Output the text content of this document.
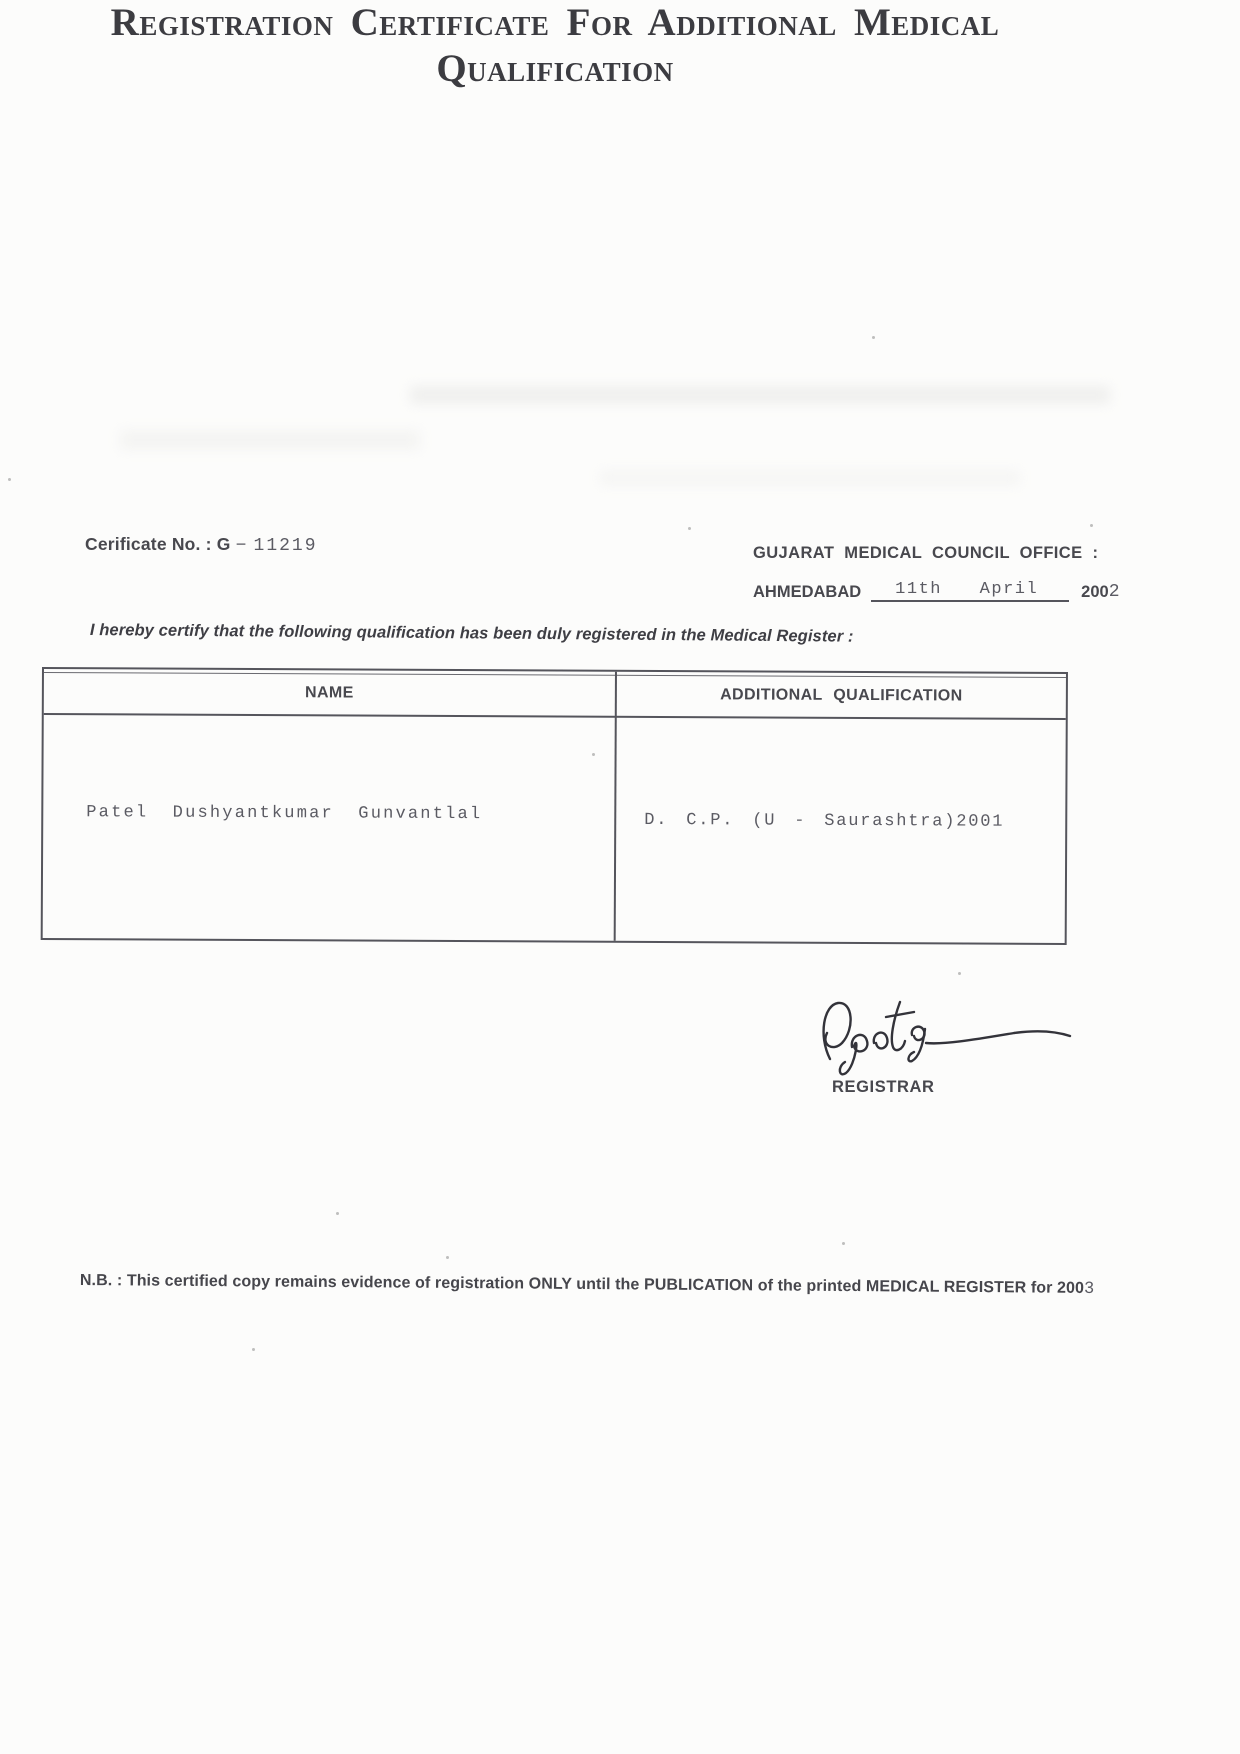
Registration Certificate For Additional Medical
Qualification
Cerificate No. : G − 11219	GUJARAT MEDICAL COUNCIL OFFICE :
AHMEDABAD 11th April	200 2
I hereby certify that the following qualification has been duly registered in the Medical Register :
NAME	ADDITIONAL QUALIFICATION
Patel Dushyantkumar Gunvantlal	D. C.P. (U - Saurashtra)2001
REGISTRAR
N.B. : This certified copy remains evidence of registration ONLY until the PUBLICATION of the printed MEDICAL REGISTER for 2003
